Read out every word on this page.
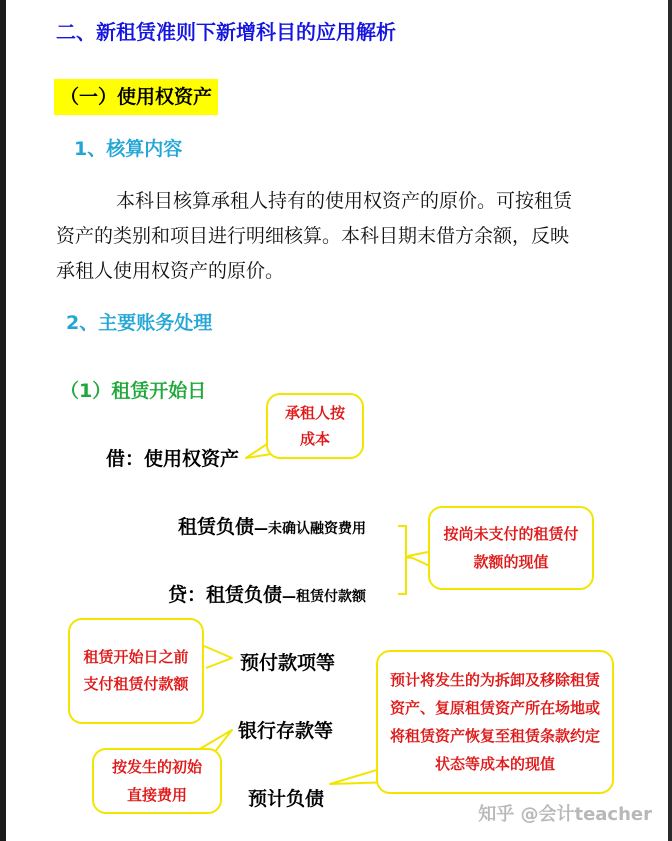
二、新租赁准则下新增科目的应用解析
（一）使用权资产
1、核算内容

本科目核算承租人持有的使用权资产的原价。可按租赁

资产的类别和项目进行明细核算。本科目期末借方余额，反映

承租人使用权资产的原价。

2、主要账务处理
（1）租赁开始日
借：使用权资产
承租人按成本
租赁负债—未确认融资费用
贷：租赁负债—租赁付款额
按尚未支付的租赁付款额的现值
租赁开始日之前支付租赁付款额
预付款项等
预计将发生的为拆卸及移除租赁资产、复原租赁资产所在场地或将租赁资产恢复至租赁条款约定状态等成本的现值
银行存款等
按发生的初始直接费用	预计负债
知乎 @会计teacher
